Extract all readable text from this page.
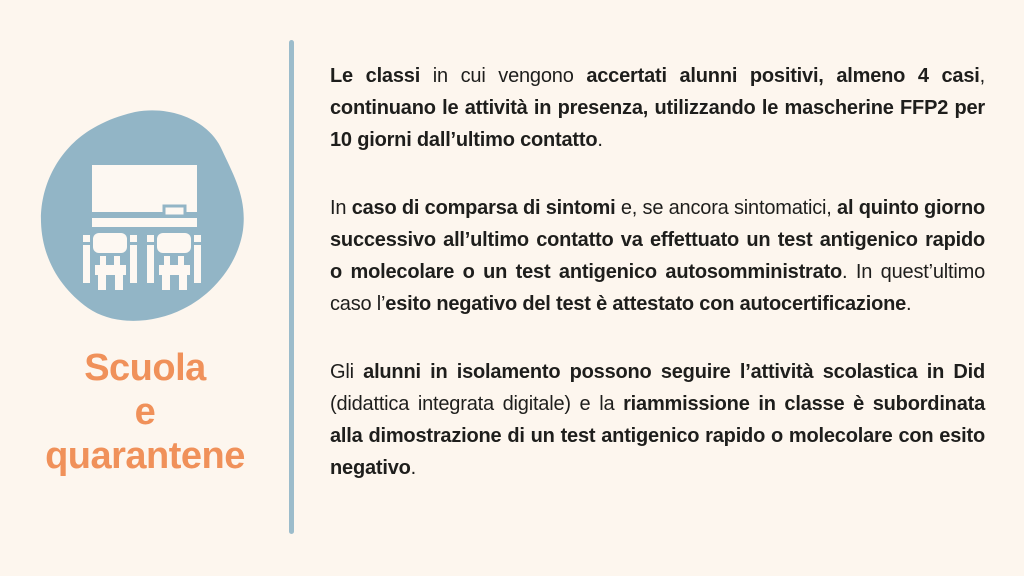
Scuola
e
quarantene

Le classi in cui vengono accertati alunni positivi, almeno 4 casi, continuano le attività in presenza, utilizzando le mascherine FFP2 per 10 giorni dall’ultimo contatto.

In caso di comparsa di sintomi e, se ancora sintomatici, al quinto giorno successivo all’ultimo contatto va effettuato un test antigenico rapido o molecolare o un test antigenico autosomministrato. In quest’ultimo caso l’esito negativo del test è attestato con autocertificazione.

Gli alunni in isolamento possono seguire l’attività scolastica in Did (didattica integrata digitale) e la riammissione in classe è subordinata alla dimostrazione di un test antigenico rapido o molecolare con esito negativo.
